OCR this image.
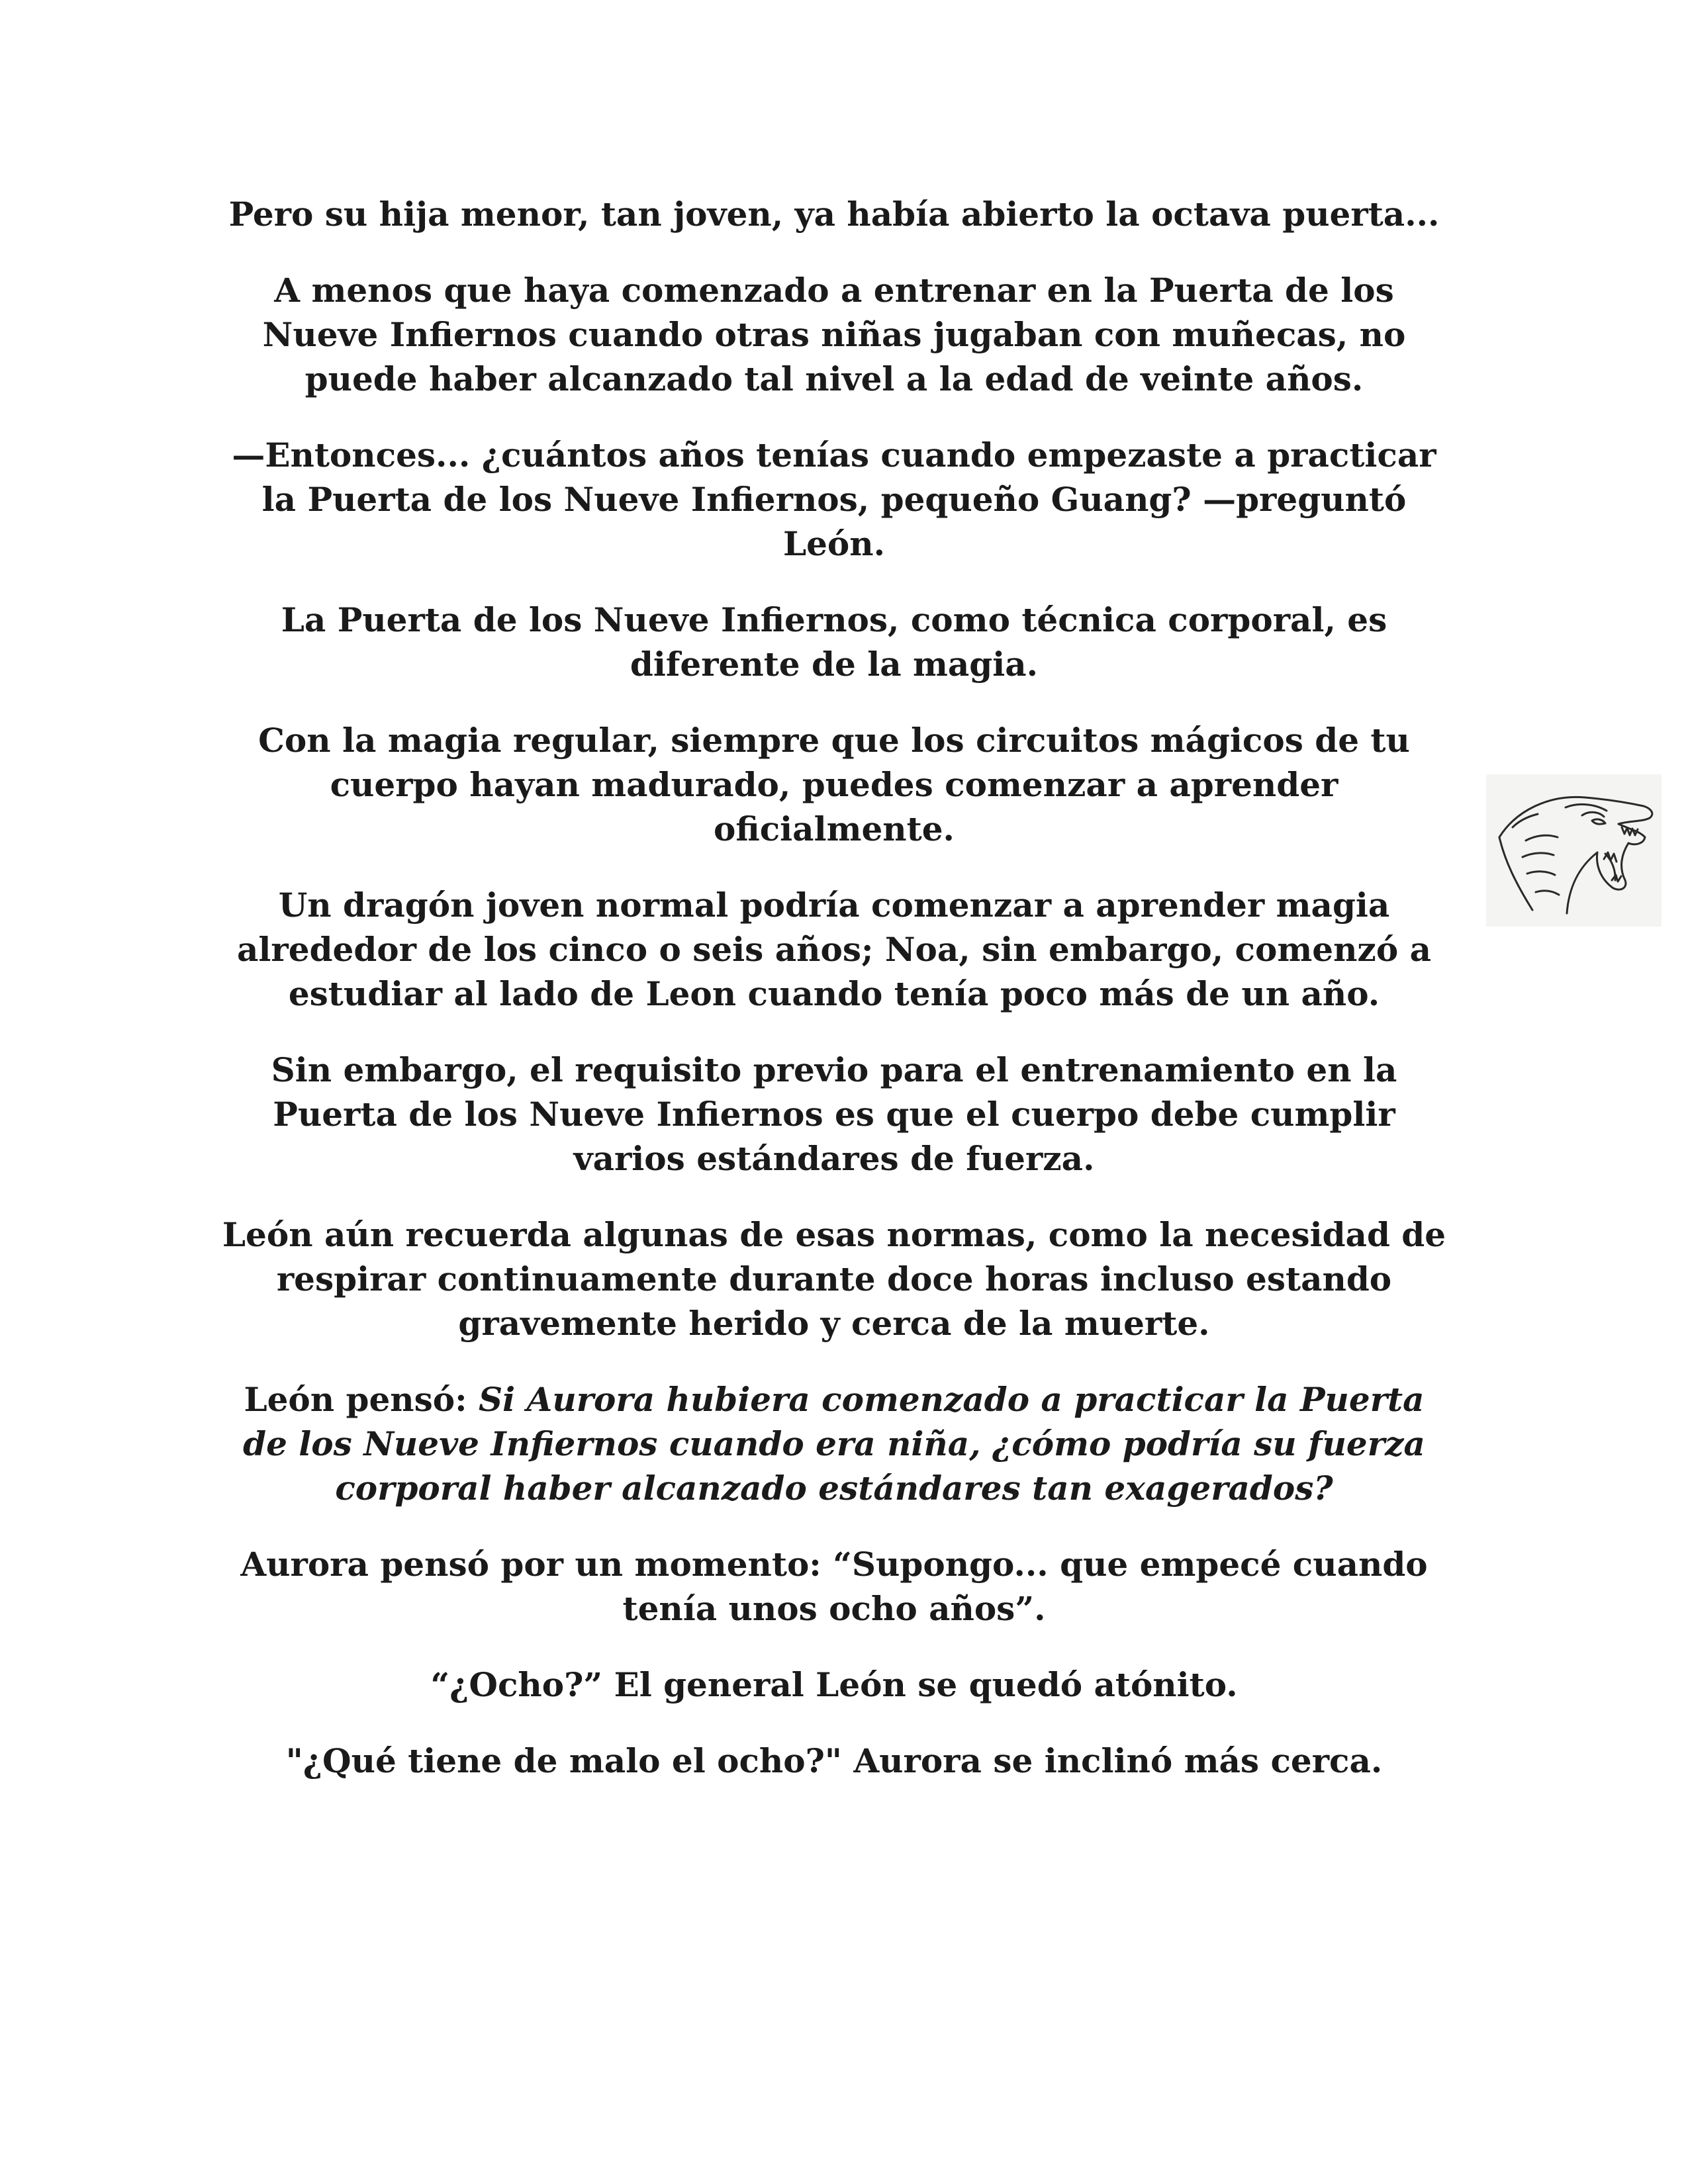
Pero su hija menor, tan joven, ya había abierto la octava puerta...

A menos que haya comenzado a entrenar en la Puerta de los Nueve Infiernos cuando otras niñas jugaban con muñecas, no puede haber alcanzado tal nivel a la edad de veinte años.

—Entonces... ¿cuántos años tenías cuando empezaste a practicar la Puerta de los Nueve Infiernos, pequeño Guang? —preguntó León.

La Puerta de los Nueve Infiernos, como técnica corporal, es diferente de la magia.

Con la magia regular, siempre que los circuitos mágicos de tu cuerpo hayan madurado, puedes comenzar a aprender oficialmente.

Un dragón joven normal podría comenzar a aprender magia alrededor de los cinco o seis años; Noa, sin embargo, comenzó a estudiar al lado de Leon cuando tenía poco más de un año.

Sin embargo, el requisito previo para el entrenamiento en la Puerta de los Nueve Infiernos es que el cuerpo debe cumplir varios estándares de fuerza.

León aún recuerda algunas de esas normas, como la necesidad de respirar continuamente durante doce horas incluso estando gravemente herido y cerca de la muerte.

León pensó: Si Aurora hubiera comenzado a practicar la Puerta de los Nueve Infiernos cuando era niña, ¿cómo podría su fuerza corporal haber alcanzado estándares tan exagerados?

Aurora pensó por un momento: “Supongo... que empecé cuando tenía unos ocho años”.

“¿Ocho?” El general León se quedó atónito.

"¿Qué tiene de malo el ocho?" Aurora se inclinó más cerca.
